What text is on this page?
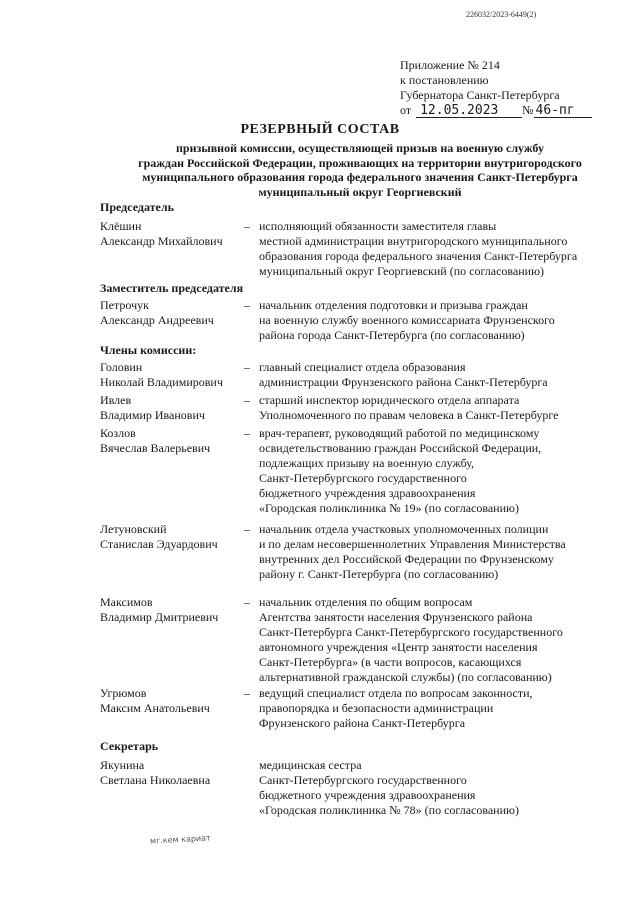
226032/2023-6449(2)
Приложение № 214
к постановлению
Губернатора Санкт-Петербурга
от 12.05.2023 № 46-пг
РЕЗЕРВНЫЙ СОСТАВ
призывной комиссии, осуществляющей призыв на военную службу
граждан Российской Федерации, проживающих на территории внутригородского
муниципального образования города федерального значения Санкт-Петербурга
муниципальный округ Георгиевский
Председатель
Клёшин
Александр Михайлович
– исполняющий обязанности заместителя главы
местной администрации внутригородского муниципального
образования города федерального значения Санкт-Петербурга
муниципальный округ Георгиевский (по согласованию)
Заместитель председателя
Петрочук
Александр Андреевич
– начальник отделения подготовки и призыва граждан
на военную службу военного комиссариата Фрунзенского
района города Санкт-Петербурга (по согласованию)
Члены комиссии:
Головин
Николай Владимирович
– главный специалист отдела образования
администрации Фрунзенского района Санкт-Петербурга
Ивлев
Владимир Иванович
– старший инспектор юридического отдела аппарата
Уполномоченного по правам человека в Санкт-Петербурге
Козлов
Вячеслав Валерьевич
– врач-терапевт, руководящий работой по медицинскому
освидетельствованию граждан Российской Федерации,
подлежащих призыву на военную службу,
Санкт-Петербургского государственного
бюджетного учреждения здравоохранения
«Городская поликлиника № 19» (по согласованию)
Летуновский
Станислав Эдуардович
– начальник отдела участковых уполномоченных полиции
и по делам несовершеннолетних Управления Министерства
внутренних дел Российской Федерации по Фрунзенскому
району г. Санкт-Петербурга (по согласованию)
Максимов
Владимир Дмитриевич
– начальник отделения по общим вопросам
Агентства занятости населения Фрунзенского района
Санкт-Петербурга Санкт-Петербургского государственного
автономного учреждения «Центр занятости населения
Санкт-Петербурга» (в части вопросов, касающихся
альтернативной гражданской службы) (по согласованию)
Угрюмов
Максим Анатольевич
– ведущий специалист отдела по вопросам законности,
правопорядка и безопасности администрации
Фрунзенского района Санкт-Петербурга
Секретарь
Якунина
Светлана Николаевна
медицинская сестра
Санкт-Петербургского государственного
бюджетного учреждения здравоохранения
«Городская поликлиника № 78» (по согласованию)
мг.кем кариат
